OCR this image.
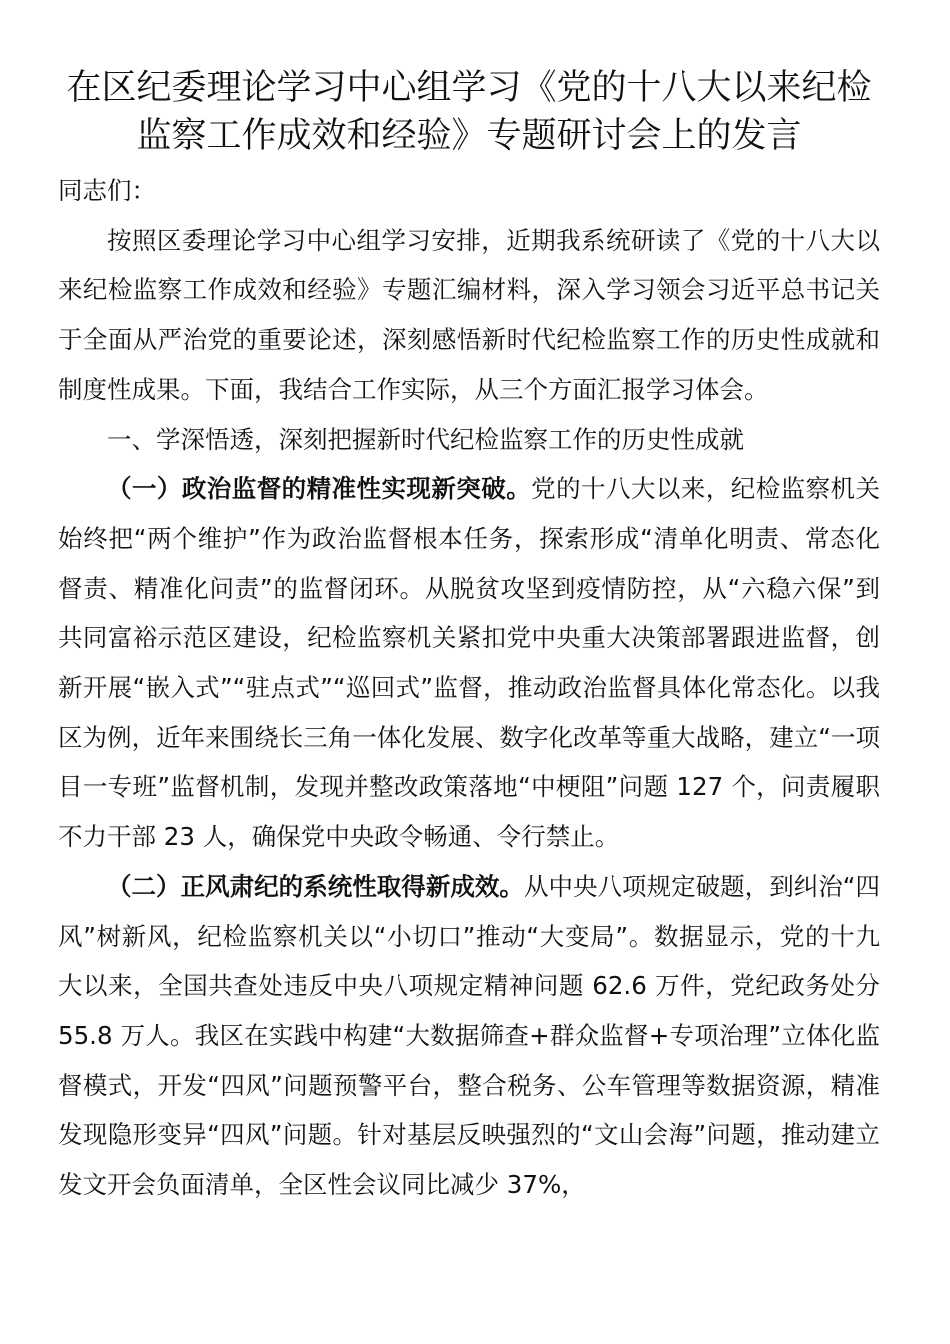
在区纪委理论学习中心组学习《党的十八大以来纪检
监察工作成效和经验》专题研讨会上的发言

同志们：

按照区委理论学习中心组学习安排，近期我系统研读了《党的十八大以来纪检监察工作成效和经验》专题汇编材料，深入学习领会习近平总书记关于全面从严治党的重要论述，深刻感悟新时代纪检监察工作的历史性成就和制度性成果。下面，我结合工作实际，从三个方面汇报学习体会。

一、学深悟透，深刻把握新时代纪检监察工作的历史性成就

（一）政治监督的精准性实现新突破。党的十八大以来，纪检监察机关始终把“两个维护”作为政治监督根本任务，探索形成“清单化明责、常态化督责、精准化问责”的监督闭环。从脱贫攻坚到疫情防控，从“六稳六保”到共同富裕示范区建设，纪检监察机关紧扣党中央重大决策部署跟进监督，创新开展“嵌入式”“驻点式”“巡回式”监督，推动政治监督具体化常态化。以我区为例，近年来围绕长三角一体化发展、数字化改革等重大战略，建立“一项目一专班”监督机制，发现并整改政策落地“中梗阻”问题 127 个，问责履职不力干部 23 人，确保党中央政令畅通、令行禁止。

（二）正风肃纪的系统性取得新成效。从中央八项规定破题，到纠治“四风”树新风，纪检监察机关以“小切口”推动“大变局”。数据显示，党的十九大以来，全国共查处违反中央八项规定精神问题 62.6 万件，党纪政务处分 55.8 万人。我区在实践中构建“大数据筛查+群众监督+专项治理”立体化监督模式，开发“四风”问题预警平台，整合税务、公车管理等数据资源，精准发现隐形变异“四风”问题。针对基层反映强烈的“文山会海”问题，推动建立发文开会负面清单，全区性会议同比减少 37%，
